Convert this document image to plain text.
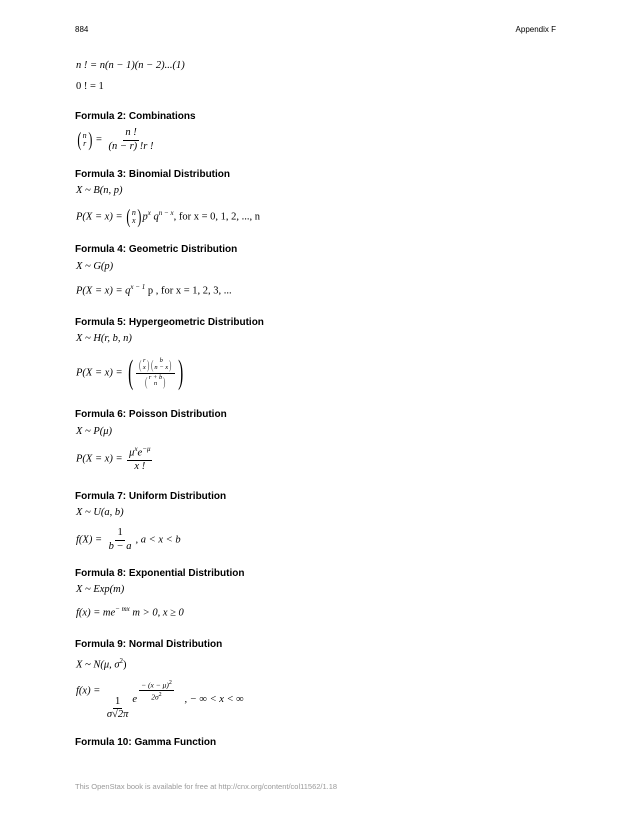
884	Appendix F
n ! = n(n − 1)(n − 2)...(1)
0 ! = 1
Formula 2: Combinations
( n
r ) = $\frac{n !}{(n - r) !r !}$
Formula 3: Binomial Distribution
X ~ B(n, p)
P(X = x) = ( n
x ) $p^x$ $q^{n - x}$, for x = 0, 1, 2, ..., n
Formula 4: Geometric Distribution
X ~ G(p)
$P(X = x) = q^{x - 1}$ p , for x = 1, 2, 3, ...
Formula 5: Hypergeometric Distribution
X ~ H(r, b, n)
P(X = x) = ( ( r
x ) ( b
n − x )
( r + b
n ) )
Formula 6: Poisson Distribution
X ~ P(μ)
$P(X = x) = \frac{\mu^xe^{-\mu}}{x !}$
Formula 7: Uniform Distribution
X ~ U(a, b)
$f(X) = \frac{1}{b - a}$ , a < x < b
Formula 8: Exponential Distribution
X ~ Exp(m)
$f(x) = me^{- mx}$ m > 0, x ≥ 0
Formula 9: Normal Distribution
X ~ N(μ, $\sigma^2$)
f(x) =
$\frac{1}{\sigma√2\pi}$ e $\frac{- (x - \mu)^2}{2\sigma^2}$ , − ∞ < x < ∞
Formula 10: Gamma Function
This OpenStax book is available for free at http://cnx.org/content/col11562/1.18
